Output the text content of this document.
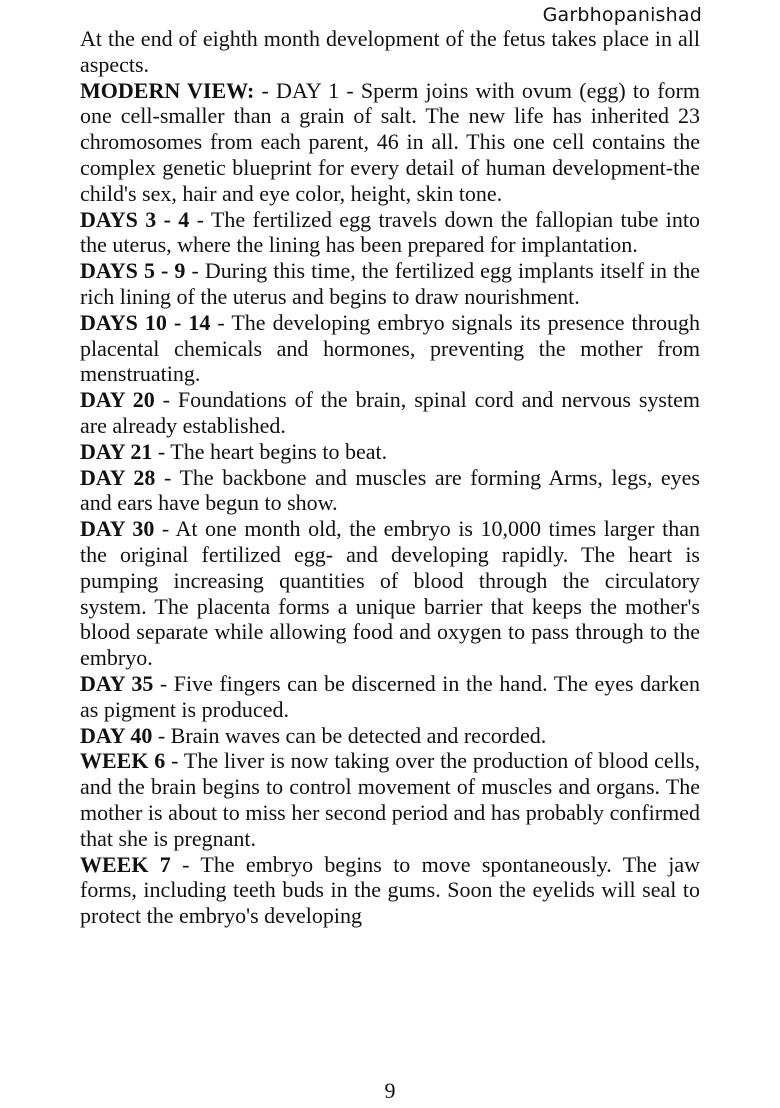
Garbhopanishad

At the end of eighth month development of the fetus takes place in all aspects.

MODERN VIEW: - DAY 1 - Sperm joins with ovum (egg) to form one cell-smaller than a grain of salt. The new life has inherited 23 chromosomes from each parent, 46 in all. This one cell contains the complex genetic blueprint for every detail of human development-the child's sex, hair and eye color, height, skin tone.

DAYS 3 - 4 - The fertilized egg travels down the fallopian tube into the uterus, where the lining has been prepared for implantation.

DAYS 5 - 9 - During this time, the fertilized egg implants itself in the rich lining of the uterus and begins to draw nourishment.

DAYS 10 - 14 - The developing embryo signals its presence through placental chemicals and hormones, preventing the mother from menstruating.

DAY 20 - Foundations of the brain, spinal cord and nervous system are already established.

DAY 21 - The heart begins to beat.

DAY 28 - The backbone and muscles are forming Arms, legs, eyes and ears have begun to show.

DAY 30 - At one month old, the embryo is 10,000 times larger than the original fertilized egg- and developing rapidly. The heart is pumping increasing quantities of blood through the circulatory system. The placenta forms a unique barrier that keeps the mother's blood separate while allowing food and oxygen to pass through to the embryo.

DAY 35 - Five fingers can be discerned in the hand. The eyes darken as pigment is produced.

DAY 40 - Brain waves can be detected and recorded.

WEEK 6 - The liver is now taking over the production of blood cells, and the brain begins to control movement of muscles and organs. The mother is about to miss her second period and has probably confirmed that she is pregnant.

WEEK 7 - The embryo begins to move spontaneously. The jaw forms, including teeth buds in the gums. Soon the eyelids will seal to protect the embryo's developing

9
